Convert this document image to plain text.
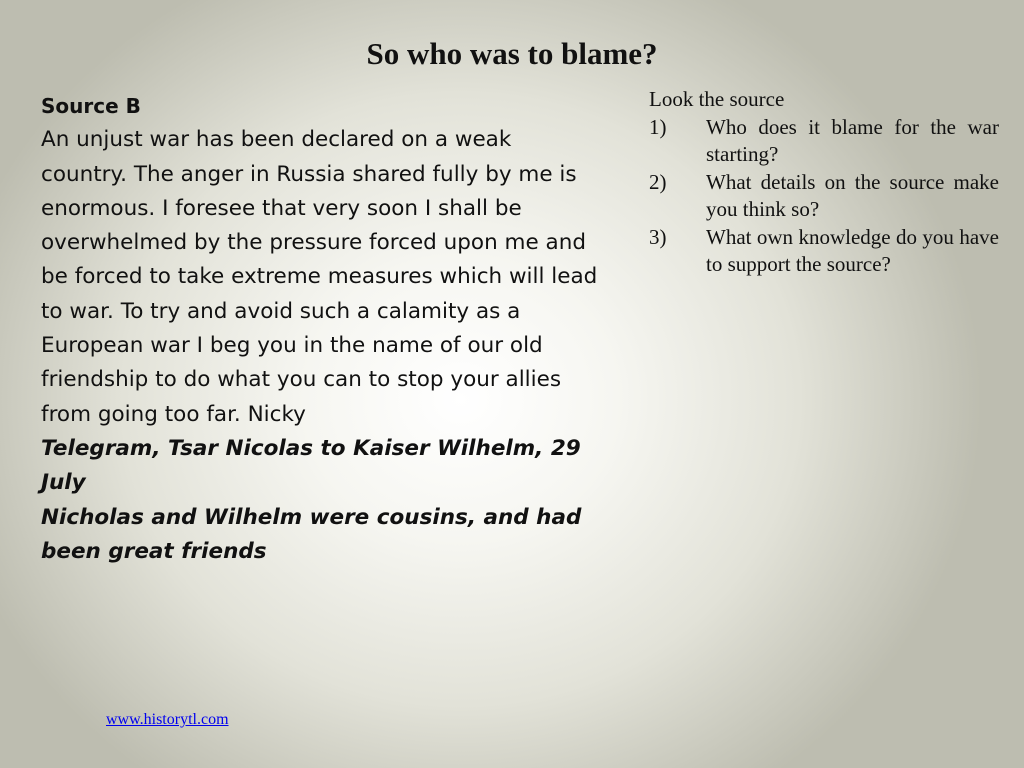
So who was to blame?
Source B
An unjust war has been declared on a weak country. The anger in Russia shared fully by me is enormous. I foresee that very soon I shall be overwhelmed by the pressure forced upon me and be forced to take extreme measures which will lead to war. To try and avoid such a calamity as a European war I beg you in the name of our old friendship to do what you can to stop your allies from going too far. Nicky
Telegram, Tsar Nicolas to Kaiser Wilhelm, 29 July
Nicholas and Wilhelm were cousins, and had been great friends
Look the source
1)	Who does it blame for the war starting?
2)	What details on the source make you think so?
3)	What own knowledge do you have to support the source?
www.historytl.com
